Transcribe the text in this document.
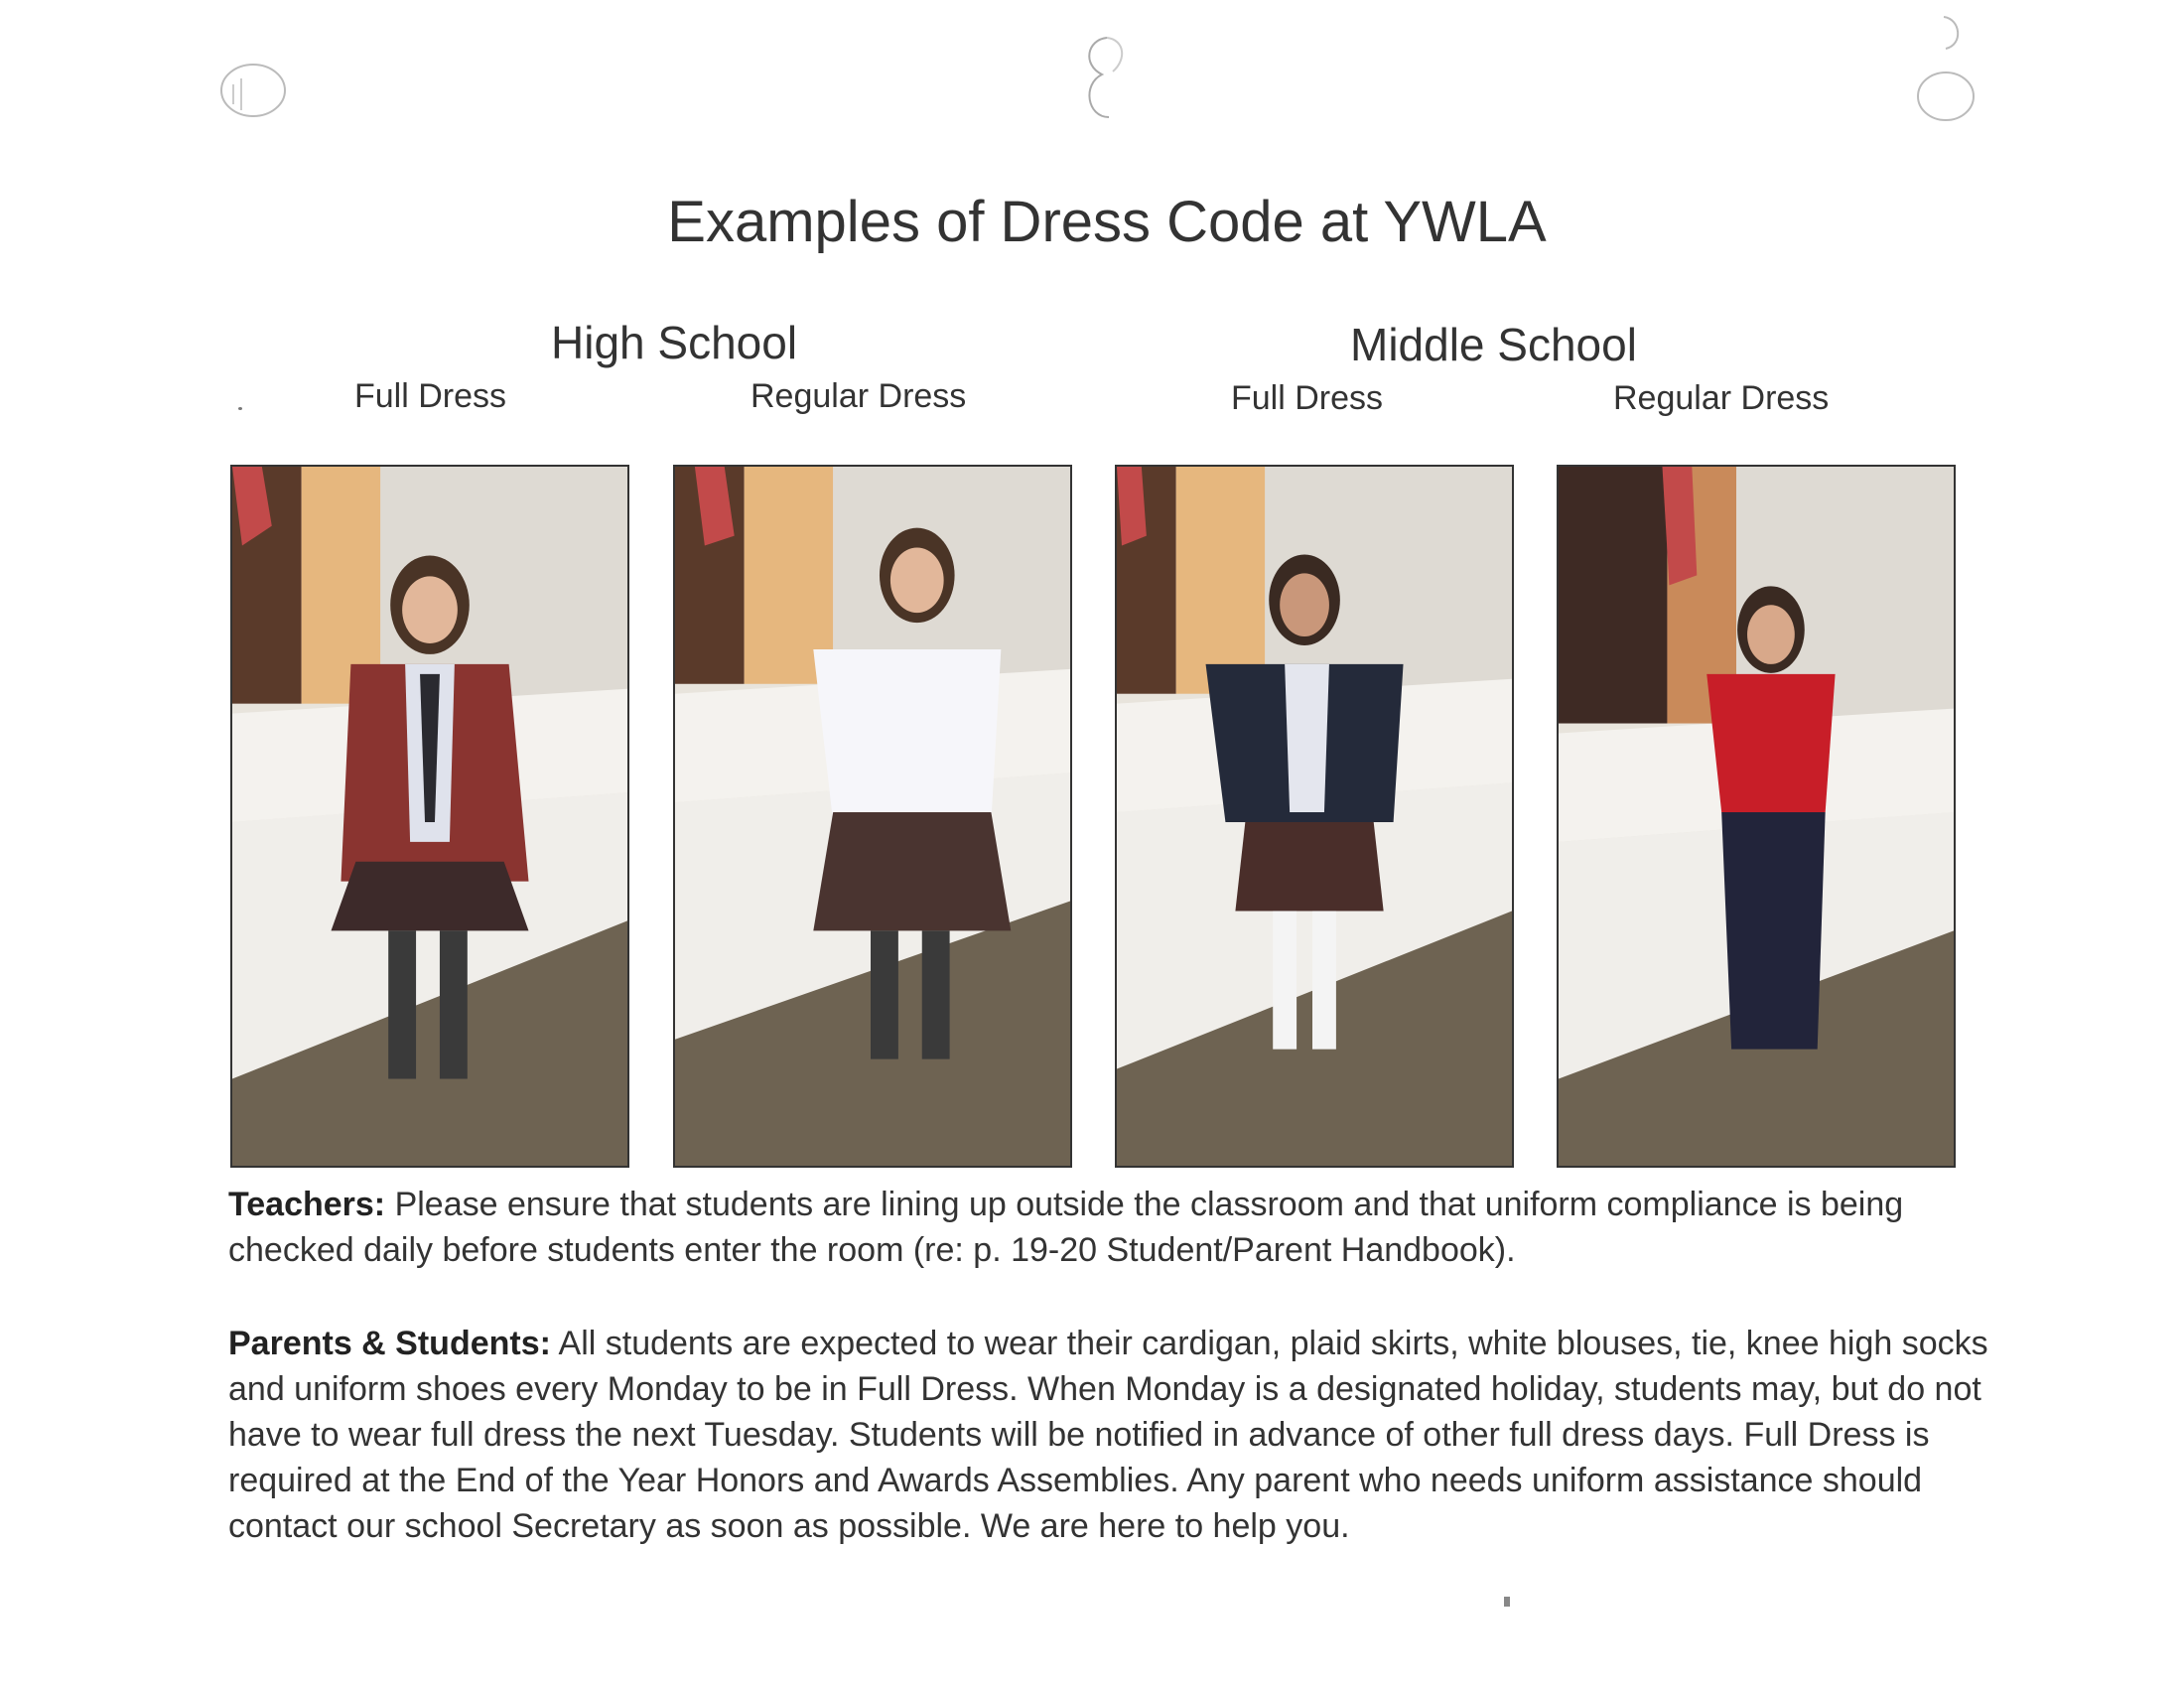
Examples of Dress Code at YWLA
High School	Middle School
Full Dress	Regular Dress	Full Dress	Regular Dress
Teachers: Please ensure that students are lining up outside the classroom and that uniform compliance is being checked daily before students enter the room (re: p. 19-20 Student/Parent Handbook).
Parents & Students: All students are expected to wear their cardigan, plaid skirts, white blouses, tie, knee high socks and uniform shoes every Monday to be in Full Dress. When Monday is a designated holiday, students may, but do not have to wear full dress the next Tuesday. Students will be notified in advance of other full dress days. Full Dress is required at the End of the Year Honors and Awards Assemblies. Any parent who needs uniform assistance should contact our school Secretary as soon as possible. We are here to help you.
